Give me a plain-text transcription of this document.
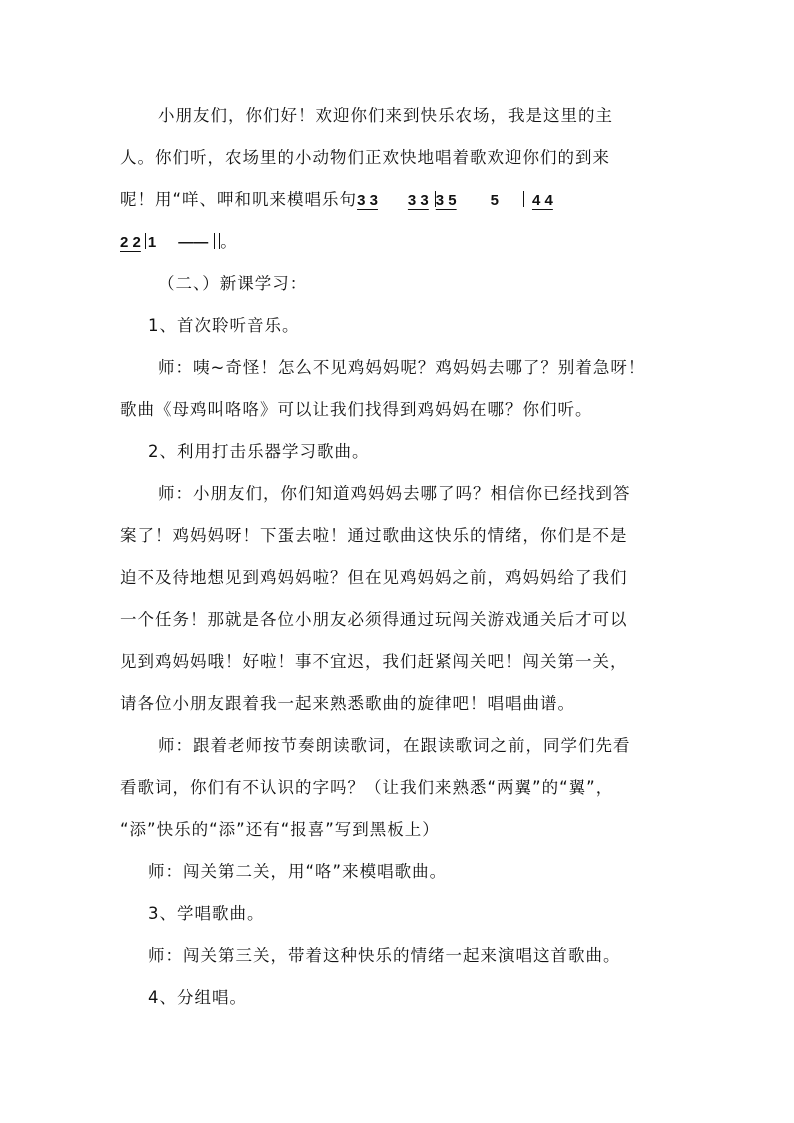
小朋友们，你们好！欢迎你们来到快乐农场，我是这里的主
人。你们听，农场里的小动物们正欢快地唱着歌欢迎你们的到来
呢！用“咩、呷和叽来模唱乐句3 3 3 3 3 5 5 4 4
2 2 1 —— 。
（二、）新课学习：
1、首次聆听音乐。
师：咦~奇怪！怎么不见鸡妈妈呢？鸡妈妈去哪了？别着急呀！
歌曲《母鸡叫咯咯》可以让我们找得到鸡妈妈在哪？你们听。
2、利用打击乐器学习歌曲。
师：小朋友们，你们知道鸡妈妈去哪了吗？相信你已经找到答
案了！鸡妈妈呀！下蛋去啦！通过歌曲这快乐的情绪，你们是不是
迫不及待地想见到鸡妈妈啦？但在见鸡妈妈之前，鸡妈妈给了我们
一个任务！那就是各位小朋友必须得通过玩闯关游戏通关后才可以
见到鸡妈妈哦！好啦！事不宜迟，我们赶紧闯关吧！闯关第一关，
请各位小朋友跟着我一起来熟悉歌曲的旋律吧！唱唱曲谱。
师：跟着老师按节奏朗读歌词，在跟读歌词之前，同学们先看
看歌词，你们有不认识的字吗？（让我们来熟悉“两翼”的“翼”，
“添”快乐的“添”还有“报喜”写到黑板上）
师：闯关第二关，用“咯”来模唱歌曲。
3、学唱歌曲。
师：闯关第三关，带着这种快乐的情绪一起来演唱这首歌曲。
4、分组唱。
